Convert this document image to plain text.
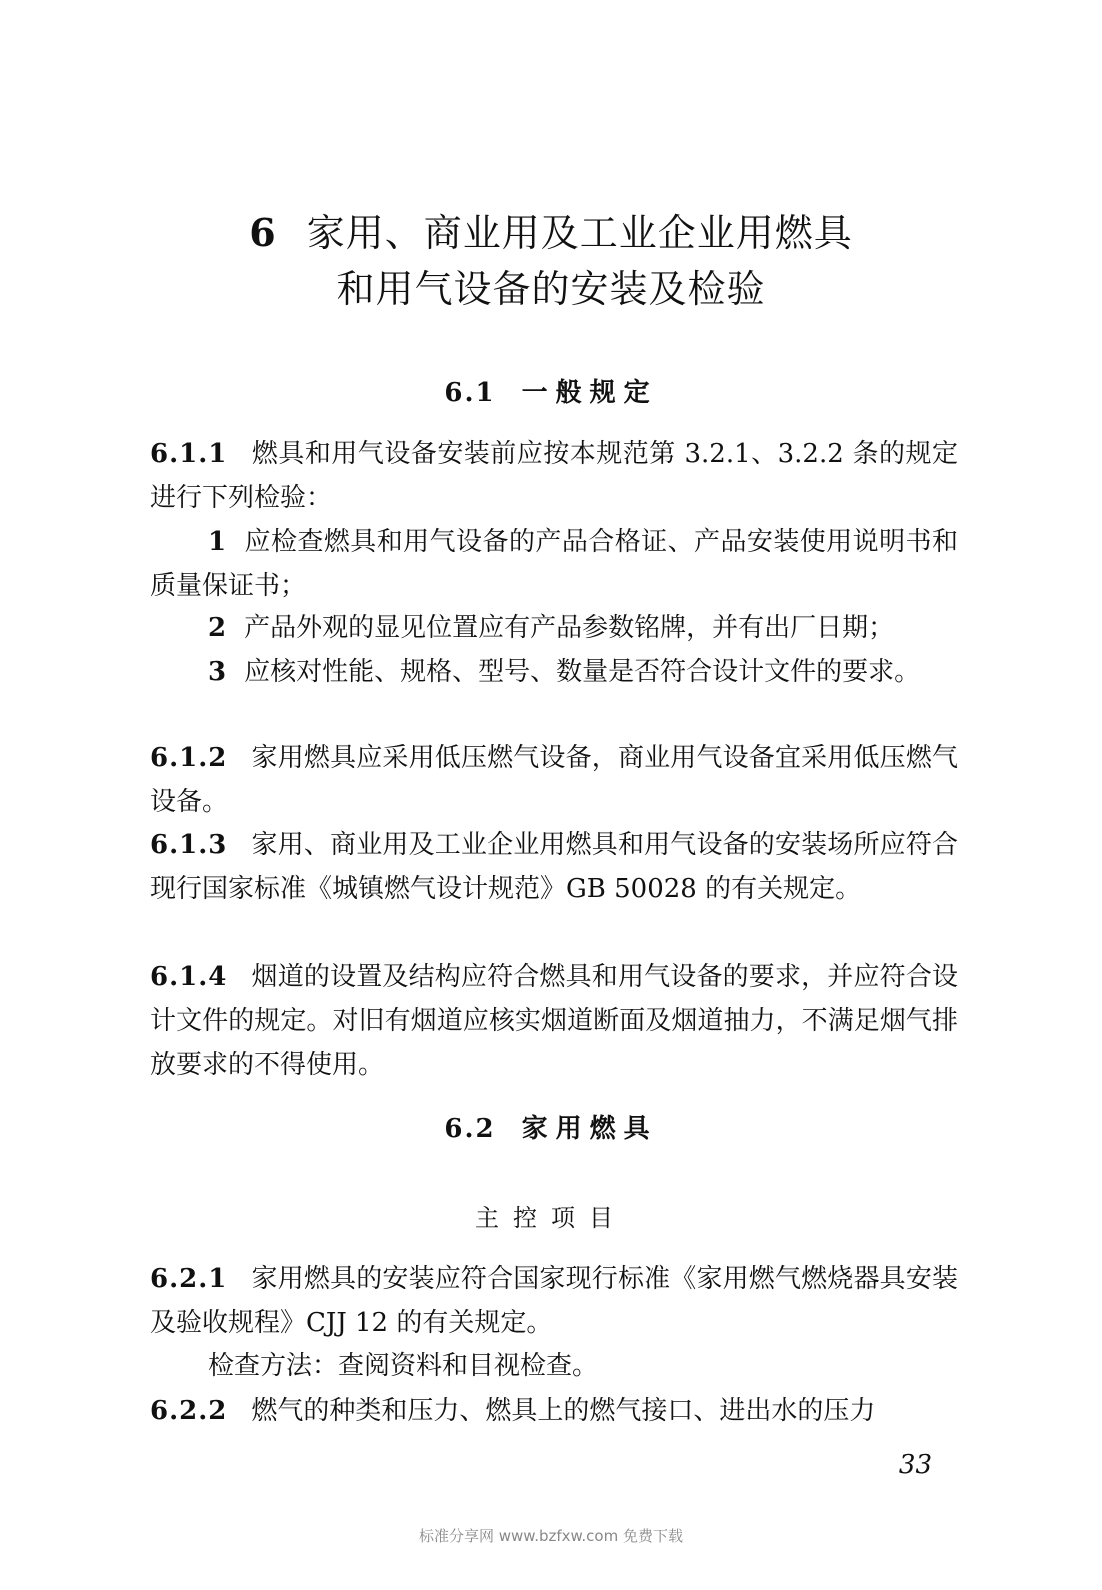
6 家用、商业用及工业企业用燃具
和用气设备的安装及检验
6.1 一般规定
6.1.1 燃具和用气设备安装前应按本规范第 3.2.1、3.2.2 条的规定进行下列检验：
1 应检查燃具和用气设备的产品合格证、产品安装使用说明书和质量保证书；
2 产品外观的显见位置应有产品参数铭牌，并有出厂日期；
3 应核对性能、规格、型号、数量是否符合设计文件的要求。
6.1.2 家用燃具应采用低压燃气设备，商业用气设备宜采用低压燃气设备。
6.1.3 家用、商业用及工业企业用燃具和用气设备的安装场所应符合现行国家标准《城镇燃气设计规范》GB 50028 的有关规定。
6.1.4 烟道的设置及结构应符合燃具和用气设备的要求，并应符合设计文件的规定。对旧有烟道应核实烟道断面及烟道抽力，不满足烟气排放要求的不得使用。
6.2 家用燃具
主控项目
6.2.1 家用燃具的安装应符合国家现行标准《家用燃气燃烧器具安装及验收规程》CJJ 12 的有关规定。
检查方法：查阅资料和目视检查。
6.2.2 燃气的种类和压力、燃具上的燃气接口、进出水的压力
33
标准分享网 www.bzfxw.com 免费下载
